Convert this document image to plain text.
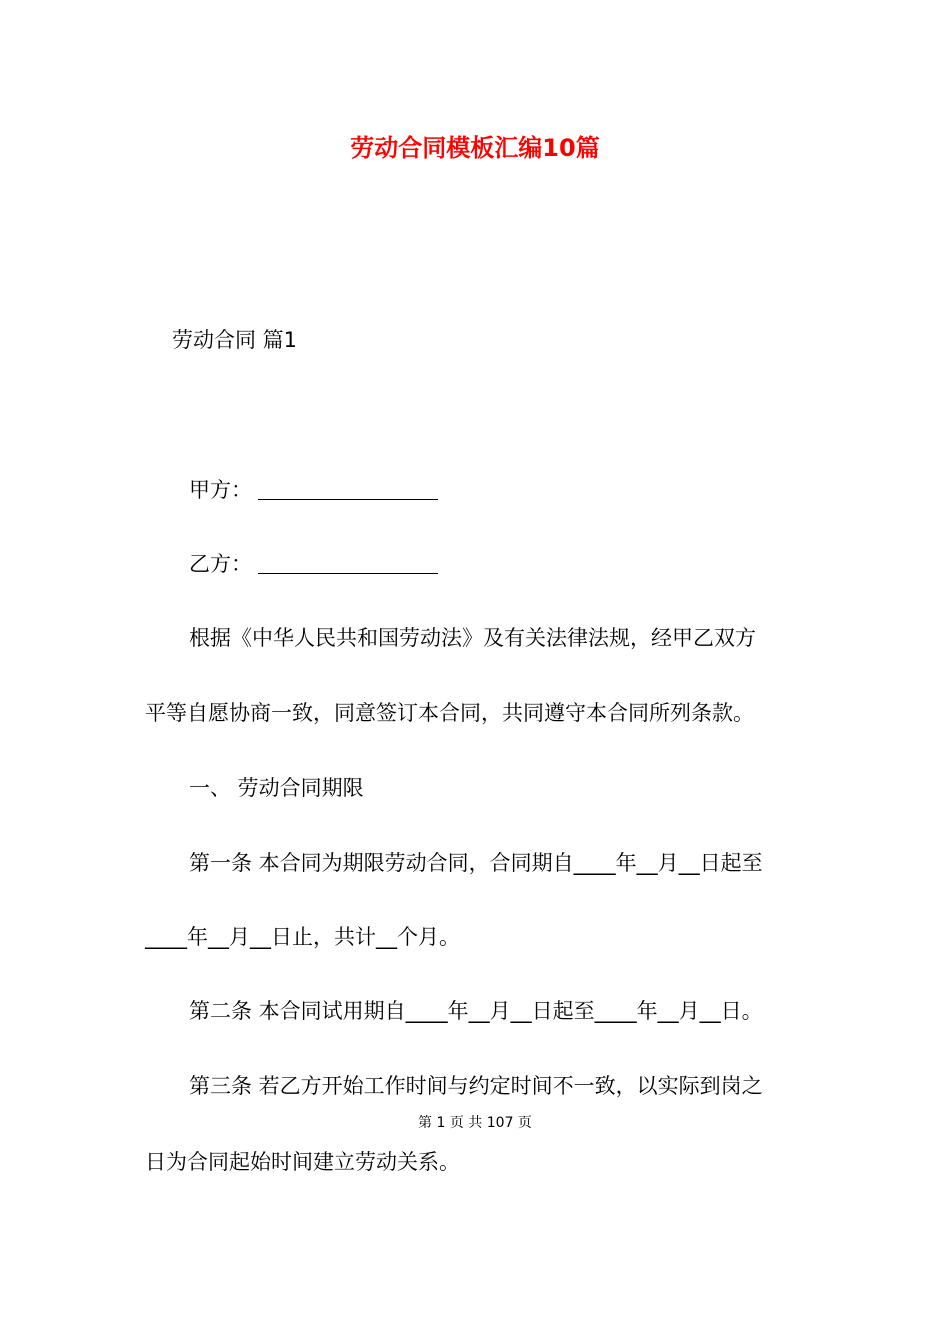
劳动合同模板汇编10篇
劳动合同 篇1
甲方：
乙方：
根据《中华人民共和国劳动法》及有关法律法规，经甲乙双方
平等自愿协商一致，同意签订本合同，共同遵守本合同所列条款。
一、 劳动合同期限
第一条 本合同为期限劳动合同，合同期自____年__月__日起至
____年__月__日止，共计__个月。
第二条 本合同试用期自____年__月__日起至____年__月__日。
第三条 若乙方开始工作时间与约定时间不一致，以实际到岗之
第 1 页 共 107 页
日为合同起始时间建立劳动关系。
